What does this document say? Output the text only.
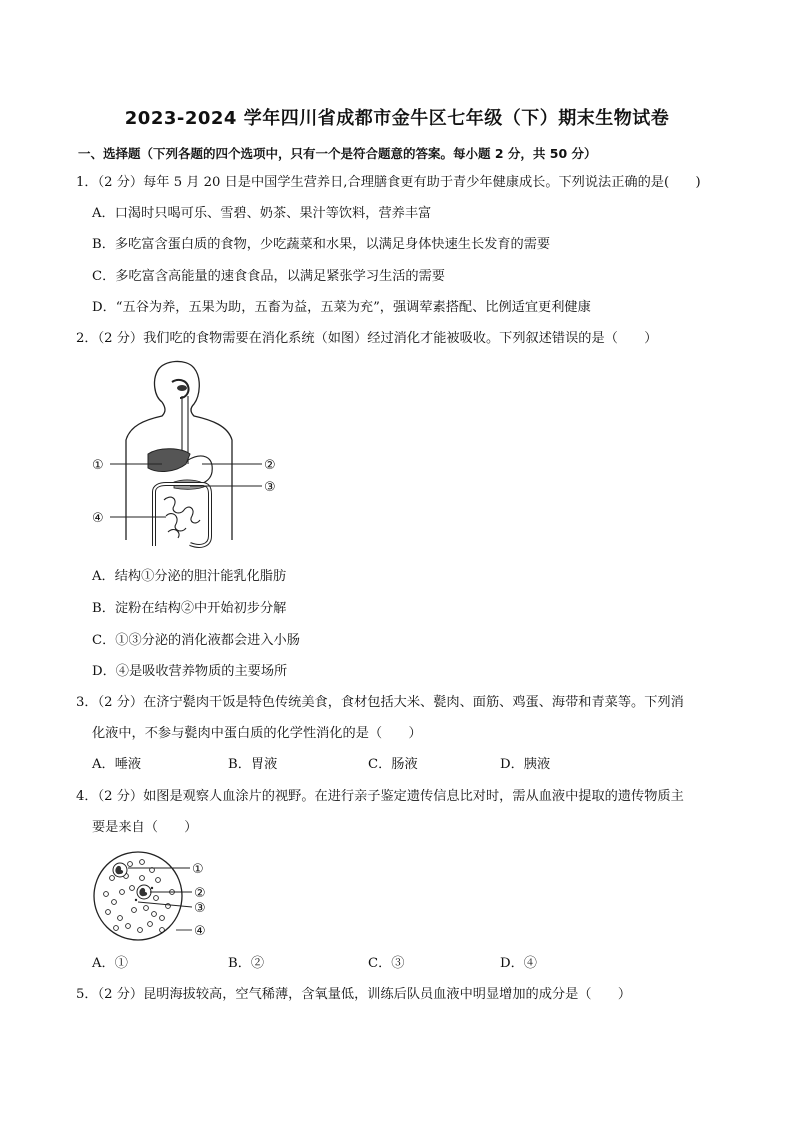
2023-2024 学年四川省成都市金牛区七年级（下）期末生物试卷
一、选择题（下列各题的四个选项中，只有一个是符合题意的答案。每小题 2 分，共 50 分）
1．（2 分）每年 5 月 20 日是中国学生营养日,合理膳食更有助于青少年健康成长。下列说法正确的是(　　)
A．口渴时只喝可乐、雪碧、奶茶、果汁等饮料，营养丰富
B．多吃富含蛋白质的食物，少吃蔬菜和水果，以满足身体快速生长发育的需要
C．多吃富含高能量的速食食品，以满足紧张学习生活的需要
D．“五谷为养，五果为助，五畜为益，五菜为充”，强调荤素搭配、比例适宜更利健康
2．（2 分）我们吃的食物需要在消化系统（如图）经过消化才能被吸收。下列叙述错误的是（　　）
①	②
③
④
A．结构①分泌的胆汁能乳化脂肪
B．淀粉在结构②中开始初步分解
C．①③分泌的消化液都会进入小肠
D．④是吸收营养物质的主要场所
3．（2 分）在济宁甏肉干饭是特色传统美食，食材包括大米、甏肉、面筋、鸡蛋、海带和青菜等。下列消
化液中，不参与甏肉中蛋白质的化学性消化的是（　　）
A．唾液	B．胃液	C．肠液	D．胰液
4．（2 分）如图是观察人血涂片的视野。在进行亲子鉴定遗传信息比对时，需从血液中提取的遗传物质主
要是来自（　　）
①
②
③
④
A．①	B．②	C．③	D．④
5．（2 分）昆明海拔较高，空气稀薄，含氧量低，训练后队员血液中明显增加的成分是（　　）
